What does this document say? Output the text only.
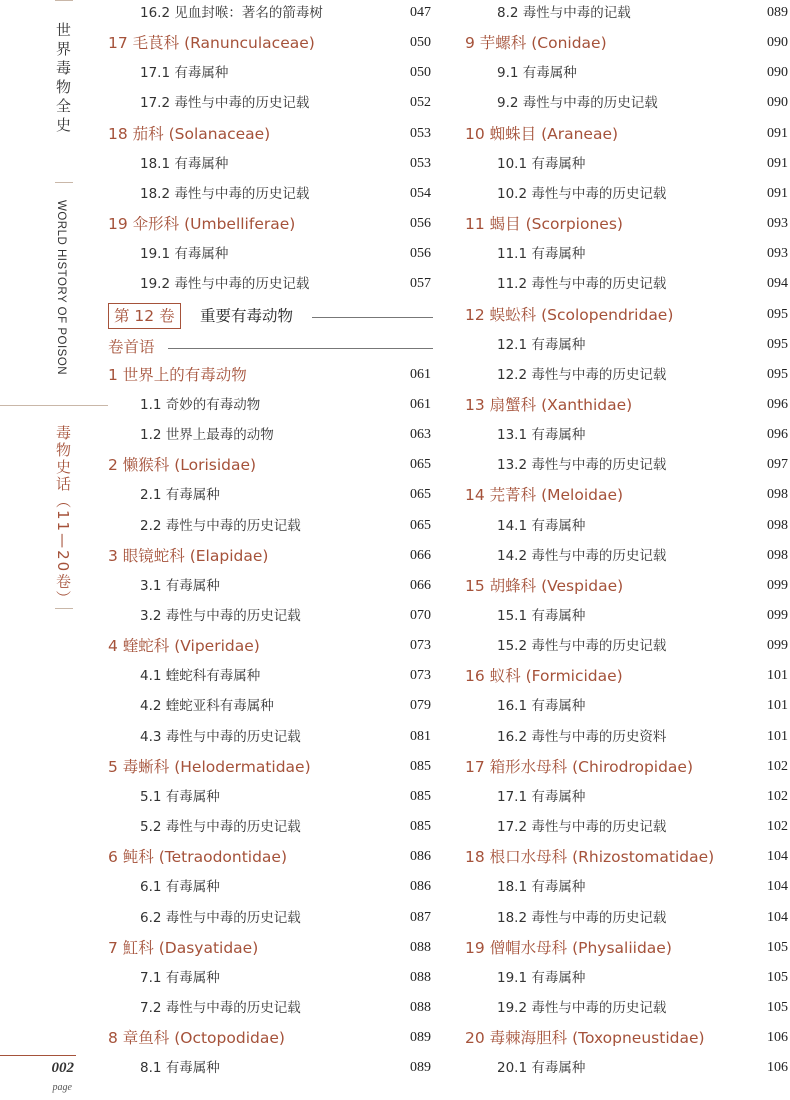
世界毒物全史
WORLD HISTORY OF POISON
毒物史话（11—20卷）
002
page
16.2 见血封喉：著名的箭毒树	047
17 毛茛科 (Ranunculaceae)	050
17.1 有毒属种	050
17.2 毒性与中毒的历史记载	052
18 茄科 (Solanaceae)	053
18.1 有毒属种	053
18.2 毒性与中毒的历史记载	054
19 伞形科 (Umbelliferae)	056
19.1 有毒属种	056
19.2 毒性与中毒的历史记载	057
第 12 卷	重要有毒动物
卷首语
1 世界上的有毒动物	061
1.1 奇妙的有毒动物	061
1.2 世界上最毒的动物	063
2 懒猴科 (Lorisidae)	065
2.1 有毒属种	065
2.2 毒性与中毒的历史记载	065
3 眼镜蛇科 (Elapidae)	066
3.1 有毒属种	066
3.2 毒性与中毒的历史记载	070
4 蝰蛇科 (Viperidae)	073
4.1 蝰蛇科有毒属种	073
4.2 蝰蛇亚科有毒属种	079
4.3 毒性与中毒的历史记载	081
5 毒蜥科 (Helodermatidae)	085
5.1 有毒属种	085
5.2 毒性与中毒的历史记载	085
6 鲀科 (Tetraodontidae)	086
6.1 有毒属种	086
6.2 毒性与中毒的历史记载	087
7 魟科 (Dasyatidae)	088
7.1 有毒属种	088
7.2 毒性与中毒的历史记载	088
8 章鱼科 (Octopodidae)	089
8.1 有毒属种	089
8.2 毒性与中毒的记载	089
9 芋螺科 (Conidae)	090
9.1 有毒属种	090
9.2 毒性与中毒的历史记载	090
10 蜘蛛目 (Araneae)	091
10.1 有毒属种	091
10.2 毒性与中毒的历史记载	091
11 蝎目 (Scorpiones)	093
11.1 有毒属种	093
11.2 毒性与中毒的历史记载	094
12 蜈蚣科 (Scolopendridae)	095
12.1 有毒属种	095
12.2 毒性与中毒的历史记载	095
13 扇蟹科 (Xanthidae)	096
13.1 有毒属种	096
13.2 毒性与中毒的历史记载	097
14 芫菁科 (Meloidae)	098
14.1 有毒属种	098
14.2 毒性与中毒的历史记载	098
15 胡蜂科 (Vespidae)	099
15.1 有毒属种	099
15.2 毒性与中毒的历史记载	099
16 蚁科 (Formicidae)	101
16.1 有毒属种	101
16.2 毒性与中毒的历史资料	101
17 箱形水母科 (Chirodropidae)	102
17.1 有毒属种	102
17.2 毒性与中毒的历史记载	102
18 根口水母科 (Rhizostomatidae)	104
18.1 有毒属种	104
18.2 毒性与中毒的历史记载	104
19 僧帽水母科 (Physaliidae)	105
19.1 有毒属种	105
19.2 毒性与中毒的历史记载	105
20 毒棘海胆科 (Toxopneustidae)	106
20.1 有毒属种	106
